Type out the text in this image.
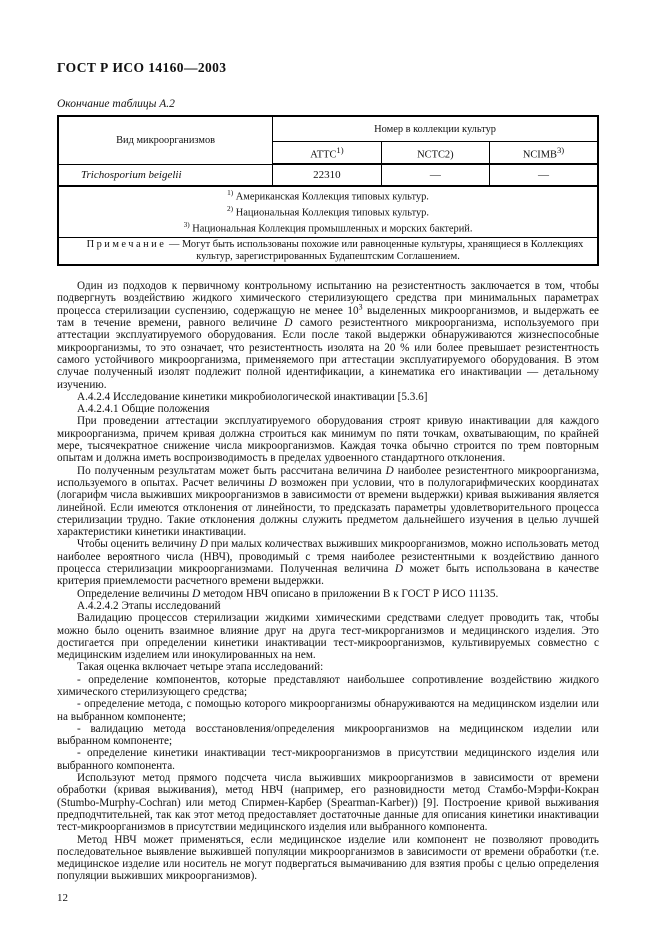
ГОСТ Р ИСО 14160—2003
Окончание таблицы А.2
Вид микроорганизмов	Номер в коллекции культур		
	АТТС$^{1)}$	NCTC2)	NCIMB$^{3)}$
Trichosporium beigelii	22310	—	—

$^{1)}$ Американская Коллекция типовых культур.
$^{2)}$ Национальная Коллекция типовых культур.
$^{3)}$ Национальная Коллекция промышленных и морских бактерий.			

Примечание — Могут быть использованы похожие или равноценные культуры, хранящиеся в Коллекциях культур, зарегистрированных Будапештским Соглашением.			

Один из подходов к первичному контрольному испытанию на резистентность заключается в том, чтобы подвергнуть воздействию жидкого химического стерилизующего средства при минимальных параметрах процесса стерилизации суспензию, содержащую не менее $10^3$ выделенных микроорганизмов, и выдержать ее там в течение времени, равного величине D самого резистентного микроорганизма, используемого при аттестации эксплуатируемого оборудования. Если после такой выдержки обнаруживаются жизнеспособные микроорганизмы, то это означает, что резистентность изолята на 20 % или более превышает резистентность самого устойчивого микроорганизма, применяемого при аттестации эксплуатируемого оборудования. В этом случае полученный изолят подлежит полной идентификации, а кинематика его инактивации — детальному изучению.

А.4.2.4 Исследование кинетики микробиологической инактивации [5.3.6]

А.4.2.4.1 Общие положения

При проведении аттестации эксплуатируемого оборудования строят кривую инактивации для каждого микроорганизма, причем кривая должна строиться как минимум по пяти точкам, охватывающим, по крайней мере, тысячекратное снижение числа микроорганизмов. Каждая точка обычно строится по трем повторным опытам и должна иметь воспроизводимость в пределах удвоенного стандартного отклонения.

По полученным результатам может быть рассчитана величина D наиболее резистентного микроорганизма, используемого в опытах. Расчет величины D возможен при условии, что в полулогарифмических координатах (логарифм числа выживших микроорганизмов в зависимости от времени выдержки) кривая выживания является линейной. Если имеются отклонения от линейности, то предсказать параметры удовлетворительного процесса стерилизации трудно. Такие отклонения должны служить предметом дальнейшего изучения в целью лучшей характеристики кинетики инактивации.

Чтобы оценить величину D при малых количествах выживших микроорганизмов, можно использовать метод наиболее вероятного числа (НВЧ), проводимый с тремя наиболее резистентными к воздействию данного процесса стерилизации микроорганизмами. Полученная величина D может быть использована в качестве критерия приемлемости расчетного времени выдержки.

Определение величины D методом НВЧ описано в приложении В к ГОСТ Р ИСО 11135.

А.4.2.4.2 Этапы исследований

Валидацию процессов стерилизации жидкими химическими средствами следует проводить так, чтобы можно было оценить взаимное влияние друг на друга тест-микрорганизмов и медицинского изделия. Это достигается при определении кинетики инактивации тест-микроорганизмов, культивируемых совместно с медицинским изделием или инокулированных на нем.

Такая оценка включает четыре этапа исследований:

- определение компонентов, которые представляют наибольшее сопротивление воздействию жидкого химического стерилизующего средства;

- определение метода, с помощью которого микроорганизмы обнаруживаются на медицинском изделии или на выбранном компоненте;

- валидацию метода восстановления/определения микроорганизмов на медицинском изделии или выбранном компоненте;

- определение кинетики инактивации тест-микроорганизмов в присутствии медицинского изделия или выбранного компонента.

Используют метод прямого подсчета числа выживших микроорганизмов в зависимости от времени обработки (кривая выживания), метод НВЧ (например, его разновидности метод Стамбо-Мэрфи-Кокран (Stumbo-Murphy-Cochran) или метод Спирмен-Карбер (Spearman-Karber)) [9]. Построение кривой выживания предподчтительней, так как этот метод предоставляет достаточные данные для описания кинетики инактивации тест-микроорганизмов в присутствии медицинского изделия или выбранного компонента.

Метод НВЧ может применяться, если медицинское изделие или компонент не позволяют проводить последовательное выявление выжившей популяции микроорганизмов в зависимости от времени обработки (т.е. медицинское изделие или носитель не могут подвергаться вымачиванию для взятия пробы с целью определения популяции выживших микроорганизмов).

12
